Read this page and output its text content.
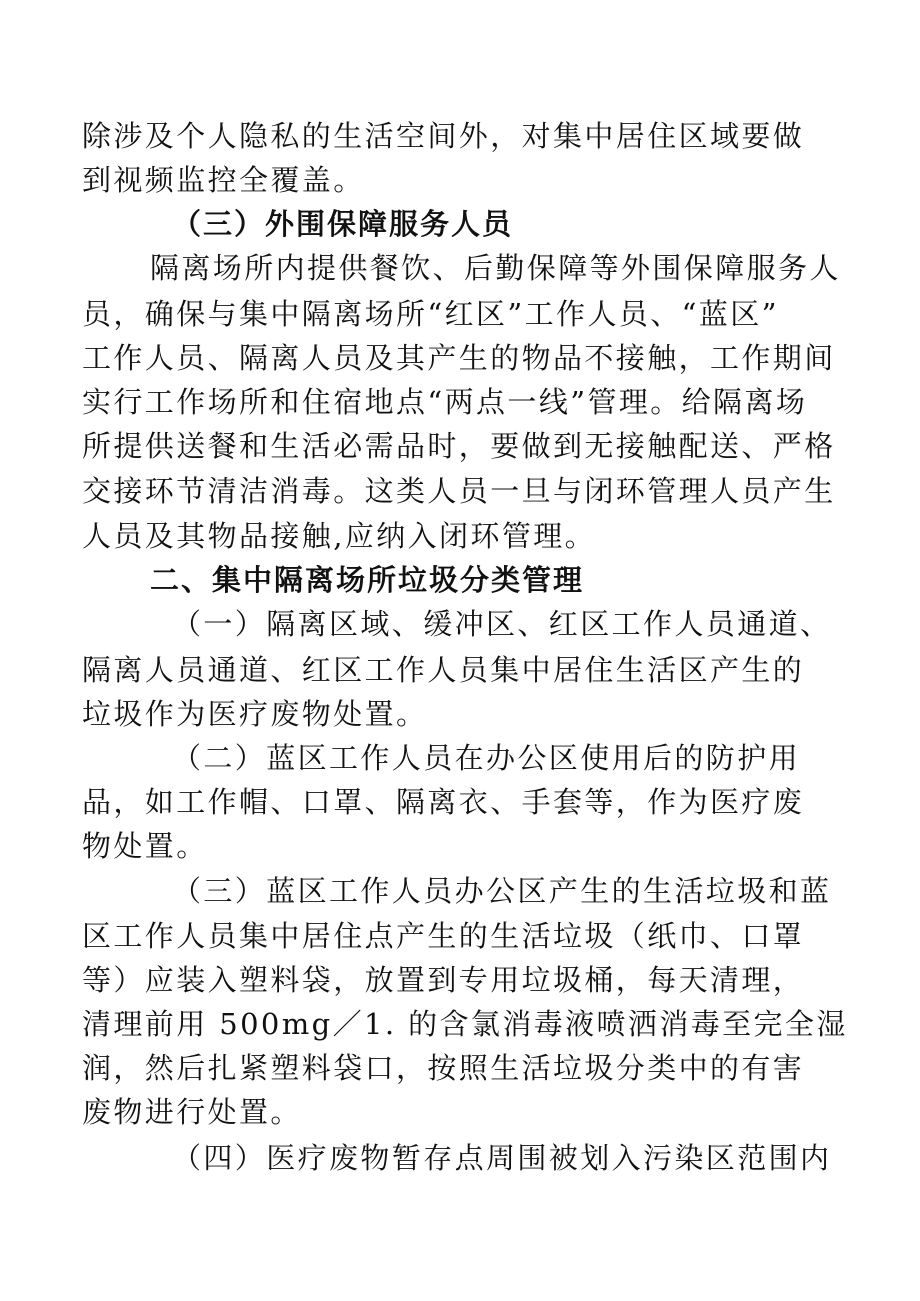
除涉及个人隐私的生活空间外，对集中居住区域要做
到视频监控全覆盖。
（三）外围保障服务人员
隔离场所内提供餐饮、后勤保障等外围保障服务人
员，确保与集中隔离场所“红区”工作人员、“蓝区”
工作人员、隔离人员及其产生的物品不接触，工作期间
实行工作场所和住宿地点“两点一线”管理。给隔离场
所提供送餐和生活必需品时，要做到无接触配送、严格
交接环节清洁消毒。这类人员一旦与闭环管理人员产生
人员及其物品接触,应纳入闭环管理。
二、集中隔离场所垃圾分类管理
（一）隔离区域、缓冲区、红区工作人员通道、
隔离人员通道、红区工作人员集中居住生活区产生的
垃圾作为医疗废物处置。
（二）蓝区工作人员在办公区使用后的防护用
品，如工作帽、口罩、隔离衣、手套等，作为医疗废
物处置。
（三）蓝区工作人员办公区产生的生活垃圾和蓝
区工作人员集中居住点产生的生活垃圾（纸巾、口罩
等）应装入塑料袋，放置到专用垃圾桶，每天清理，
清理前用 500mg／1. 的含氯消毒液喷洒消毒至完全湿
润，然后扎紧塑料袋口，按照生活垃圾分类中的有害
废物进行处置。
（四）医疗废物暂存点周围被划入污染区范围内
